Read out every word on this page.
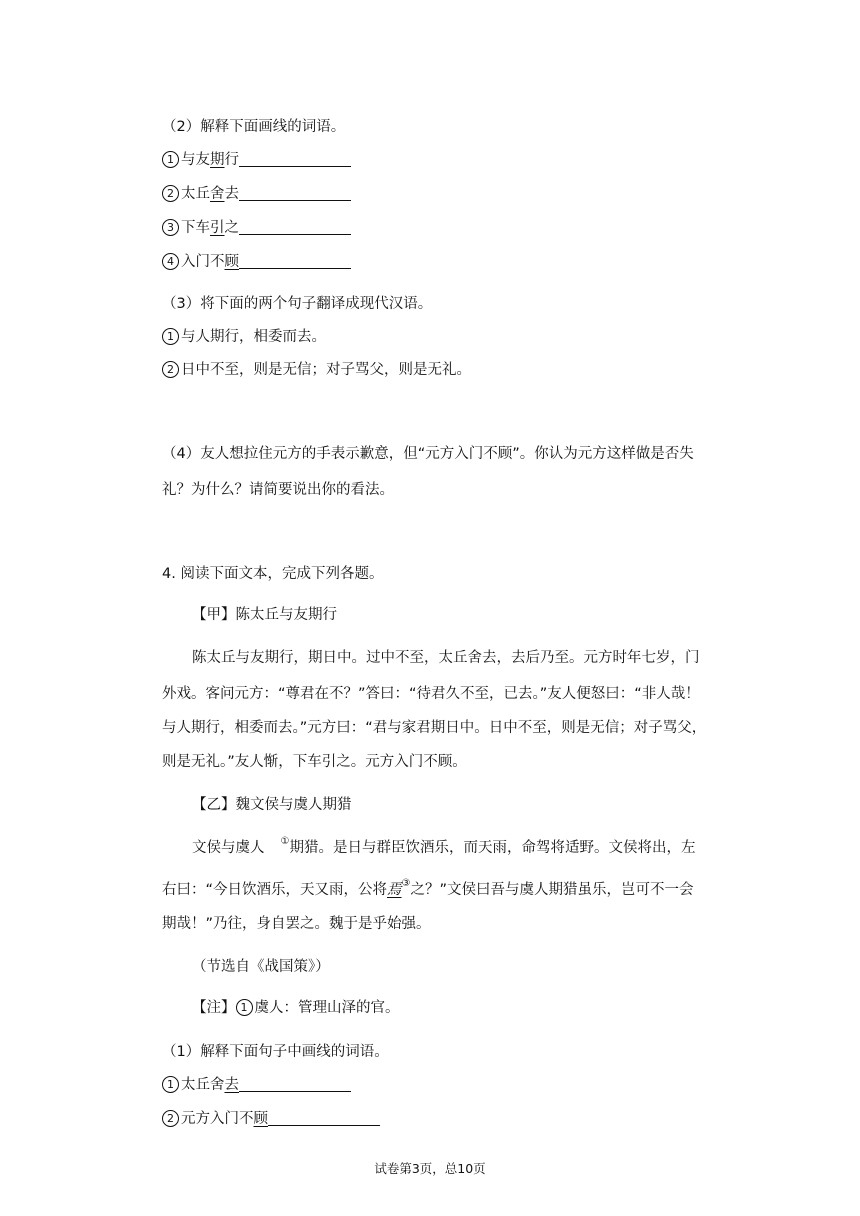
（2）解释下面画线的词语。
1 与友期行
2 太丘舍去
3 下车引之
4 入门不顾
（3）将下面的两个句子翻译成现代汉语。
1 与人期行，相委而去。
2 日中不至，则是无信；对子骂父，则是无礼。
（4）友人想拉住元方的手表示歉意，但“元方入门不顾”。你认为元方这样做是否失
礼？为什么？请简要说出你的看法。
4. 阅读下面文本，完成下列各题。
【甲】陈太丘与友期行
陈太丘与友期行，期日中。过中不至，太丘舍去，去后乃至。元方时年七岁，门
外戏。客问元方：“尊君在不？”答曰：“待君久不至，已去。”友人便怒曰：“非人哉！
与人期行，相委而去。”元方曰：“君与家君期日中。日中不至，则是无信；对子骂父，
则是无礼。”友人惭，下车引之。元方入门不顾。
【乙】魏文侯与虞人期猎
文侯与虞人 ①期猎。是日与群臣饮酒乐，而天雨，命驾将适野。文侯将出，左
右曰：“今日饮酒乐，天又雨，公将焉③之？”文侯曰吾与虞人期猎虽乐，岂可不一会
期哉！”乃往，身自罢之。魏于是乎始强。
（节选自《战国策》）
【注】 1 虞人：管理山泽的官。
（1）解释下面句子中画线的词语。
1 太丘舍去
2 元方入门不顾
试卷第3页，总10页
